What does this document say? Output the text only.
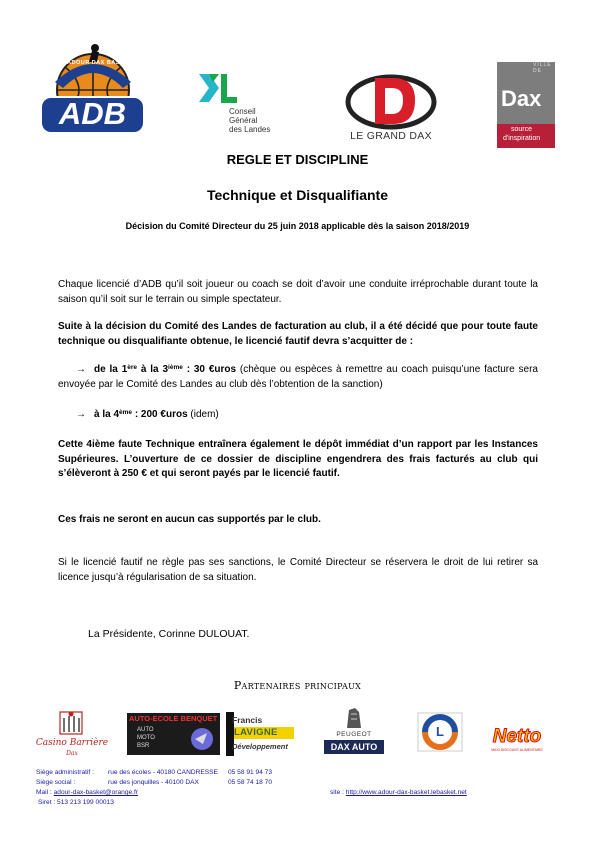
ADOUR DAX BASKET
ADB	Conseil
Général
des Landes
LE GRAND DAX
VILLE DE
Dax
source
d'inspiration
REGLE ET DISCIPLINE
Technique et Disqualifiante
Décision du Comité Directeur du 25 juin 2018 applicable dès la saison 2018/2019
Chaque licencié d’ADB qu’il soit joueur ou coach se doit d’avoir une conduite irréprochable durant toute la saison qu’il soit sur le terrain ou simple spectateur.
Suite à la décision du Comité des Landes de facturation au club, il a été décidé que pour toute faute technique ou disqualifiante obtenue, le licencié fautif devra s’acquitter de :
→ de la 1ère à la 3ième : 30 €uros (chèque ou espèces à remettre au coach puisqu’une facture sera envoyée par le Comité des Landes au club dès l’obtention de la sanction)
→ à la 4ème : 200 €uros (idem)
Cette 4ième faute Technique entraînera également le dépôt immédiat d’un rapport par les Instances Supérieures. L’ouverture de ce dossier de discipline engendrera des frais facturés au club qui s’élèveront à 250 € et qui seront payés par le licencié fautif.
Ces frais ne seront en aucun cas supportés par le club.
Si le licencié fautif ne règle pas ses sanctions, le Comité Directeur se réservera le droit de lui retirer sa licence jusqu’à régularisation de sa situation.
La Présidente, Corinne DULOUAT.
Partenaires principaux
Casino Barrière
Dax
AUTO-ECOLE BENQUET
AUTO
MOTO
BSR
Francis
LAVIGNE
Développement
PEUGEOT
DAX AUTO
L	Netto
MAXI DISCOUNT ALIMENTAIRE
Siège administratif : rue des écoles - 40180 CANDRESSE 05 58 91 94 73
Siège social :	rue des jonquilles - 40100 DAX	05 58 74 18 70
Mail : adour-dax-basket@orange.fr	site : http://www.adour-dax-basket.lebasket.net
Siret : 513 213 199 00013
